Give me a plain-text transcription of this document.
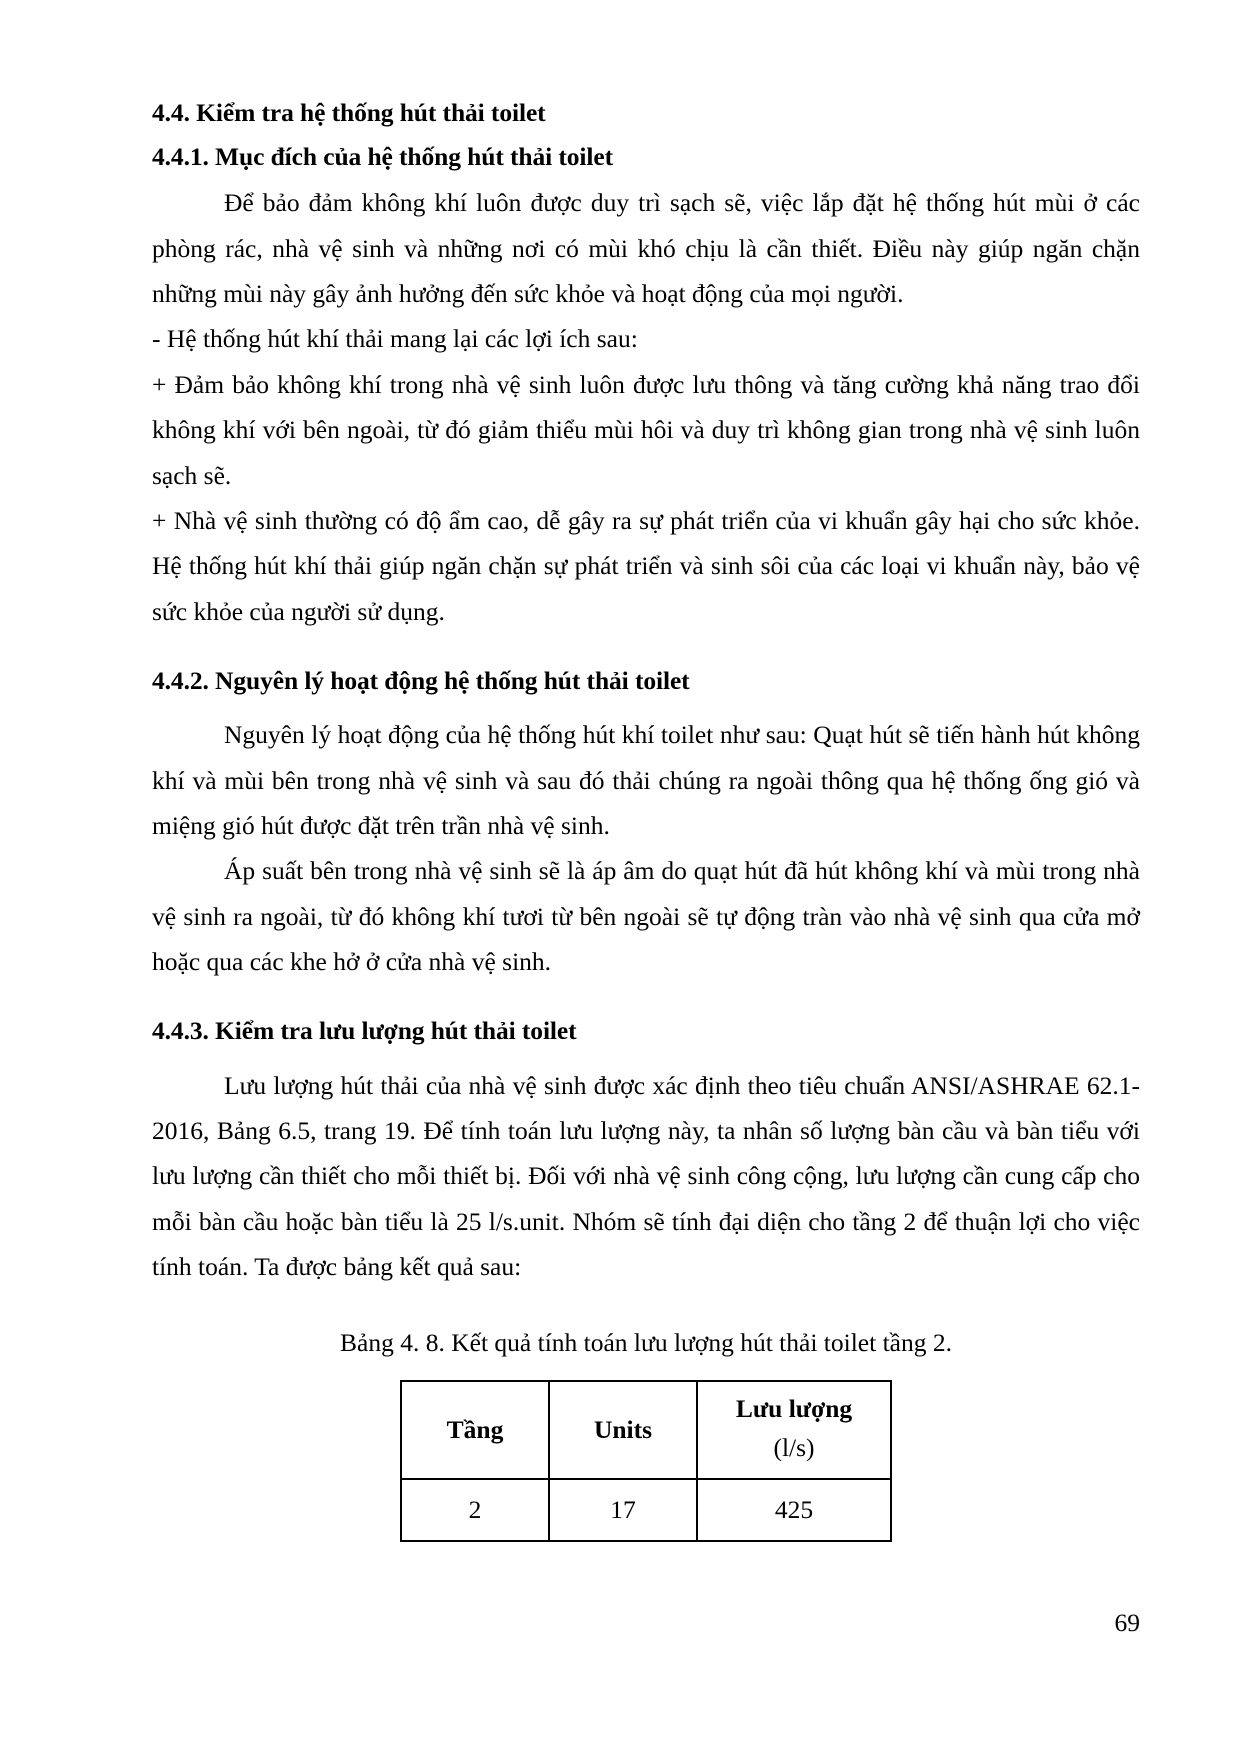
4.4. Kiểm tra hệ thống hút thải toilet
4.4.1. Mục đích của hệ thống hút thải toilet

Để bảo đảm không khí luôn được duy trì sạch sẽ, việc lắp đặt hệ thống hút mùi ở các phòng rác, nhà vệ sinh và những nơi có mùi khó chịu là cần thiết. Điều này giúp ngăn chặn những mùi này gây ảnh hưởng đến sức khỏe và hoạt động của mọi người.

- Hệ thống hút khí thải mang lại các lợi ích sau:

+ Đảm bảo không khí trong nhà vệ sinh luôn được lưu thông và tăng cường khả năng trao đổi không khí với bên ngoài, từ đó giảm thiểu mùi hôi và duy trì không gian trong nhà vệ sinh luôn sạch sẽ.

+ Nhà vệ sinh thường có độ ẩm cao, dễ gây ra sự phát triển của vi khuẩn gây hại cho sức khỏe. Hệ thống hút khí thải giúp ngăn chặn sự phát triển và sinh sôi của các loại vi khuẩn này, bảo vệ sức khỏe của người sử dụng.

4.4.2. Nguyên lý hoạt động hệ thống hút thải toilet

Nguyên lý hoạt động của hệ thống hút khí toilet như sau: Quạt hút sẽ tiến hành hút không khí và mùi bên trong nhà vệ sinh và sau đó thải chúng ra ngoài thông qua hệ thống ống gió và miệng gió hút được đặt trên trần nhà vệ sinh.

Áp suất bên trong nhà vệ sinh sẽ là áp âm do quạt hút đã hút không khí và mùi trong nhà vệ sinh ra ngoài, từ đó không khí tươi từ bên ngoài sẽ tự động tràn vào nhà vệ sinh qua cửa mở hoặc qua các khe hở ở cửa nhà vệ sinh.

4.4.3. Kiểm tra lưu lượng hút thải toilet

Lưu lượng hút thải của nhà vệ sinh được xác định theo tiêu chuẩn ANSI/ASHRAE 62.1-2016, Bảng 6.5, trang 19. Để tính toán lưu lượng này, ta nhân số lượng bàn cầu và bàn tiểu với lưu lượng cần thiết cho mỗi thiết bị. Đối với nhà vệ sinh công cộng, lưu lượng cần cung cấp cho mỗi bàn cầu hoặc bàn tiểu là 25 l/s.unit. Nhóm sẽ tính đại diện cho tầng 2 để thuận lợi cho việc tính toán. Ta được bảng kết quả sau:

Bảng 4. 8. Kết quả tính toán lưu lượng hút thải toilet tầng 2.
Tầng	Units	Lưu lượng
(l/s)

2	17	425
69
